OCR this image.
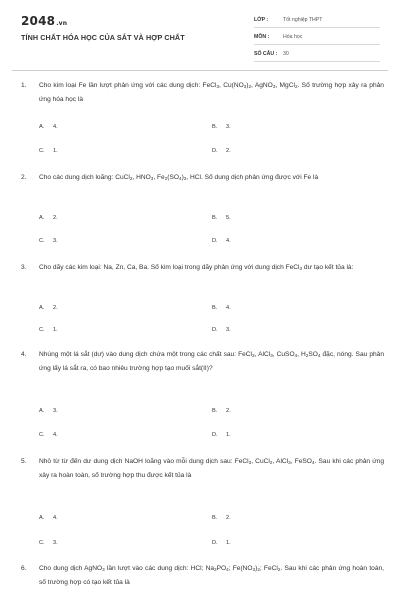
2048.vn
TÍNH CHẤT HÓA HỌC CỦA SẮT VÀ HỢP CHẤT
LỚP :	Tốt nghiệp THPT
MÔN :	Hóa học
SỐ CÂU : 30
1. Cho kim loại Fe lần lượt phản ứng với các dung dịch: FeCl$_3$, $Cu(NO_3)_2$, AgNO$_3$, MgCl$_2$. Số trường hợp xảy ra phản ứng hóa học là
A. 4.	B. 3.
C. 1.	D. 2.
2. Cho các dung dịch loãng: CuCl$_2$, $HNO_3$, $Fe_2(SO_4)_3$, HCl. Số dung dịch phản ứng được với Fe là
A. 2.	B. 5.
C. 3.	D. 4.
3. Cho dãy các kim loại: Na, Zn, Ca, Ba. Số kim loại trong dãy phản ứng với dung dịch FeCl$_3$ dư tạo kết tủa là:
A. 2.	B. 4.
C. 1.	D. 3.
4. Nhúng một lá sắt (dư) vào dung dịch chứa một trong các chất sau: FeCl$_3$, AlCl$_3$, CuSO$_4$, $H_2SO_4$ đặc, nóng. Sau phản ứng lấy lá sắt ra, có bao nhiêu trường hợp tạo muối sắt(II)?
A. 3.	B. 2.
C. 4.	D. 1.
5. Nhỏ từ từ đến dư dung dịch NaOH loãng vào mỗi dung dịch sau: FeCl$_3$, CuCl$_2$, AlCl$_3$, FeSO$_4$. Sau khi các phản ứng xảy ra hoàn toàn, số trường hợp thu được kết tủa là
A. 4.	B. 2.
C. 3.	D. 1.
6. Cho dung dịch AgNO$_3$ lần lượt vào các dung dịch: HCl; $Na_3PO_4$; $Fe(NO_3)_2$; FeCl$_2$. Sau khi các phản ứng hoàn toàn, số trường hợp có tạo kết tủa là
